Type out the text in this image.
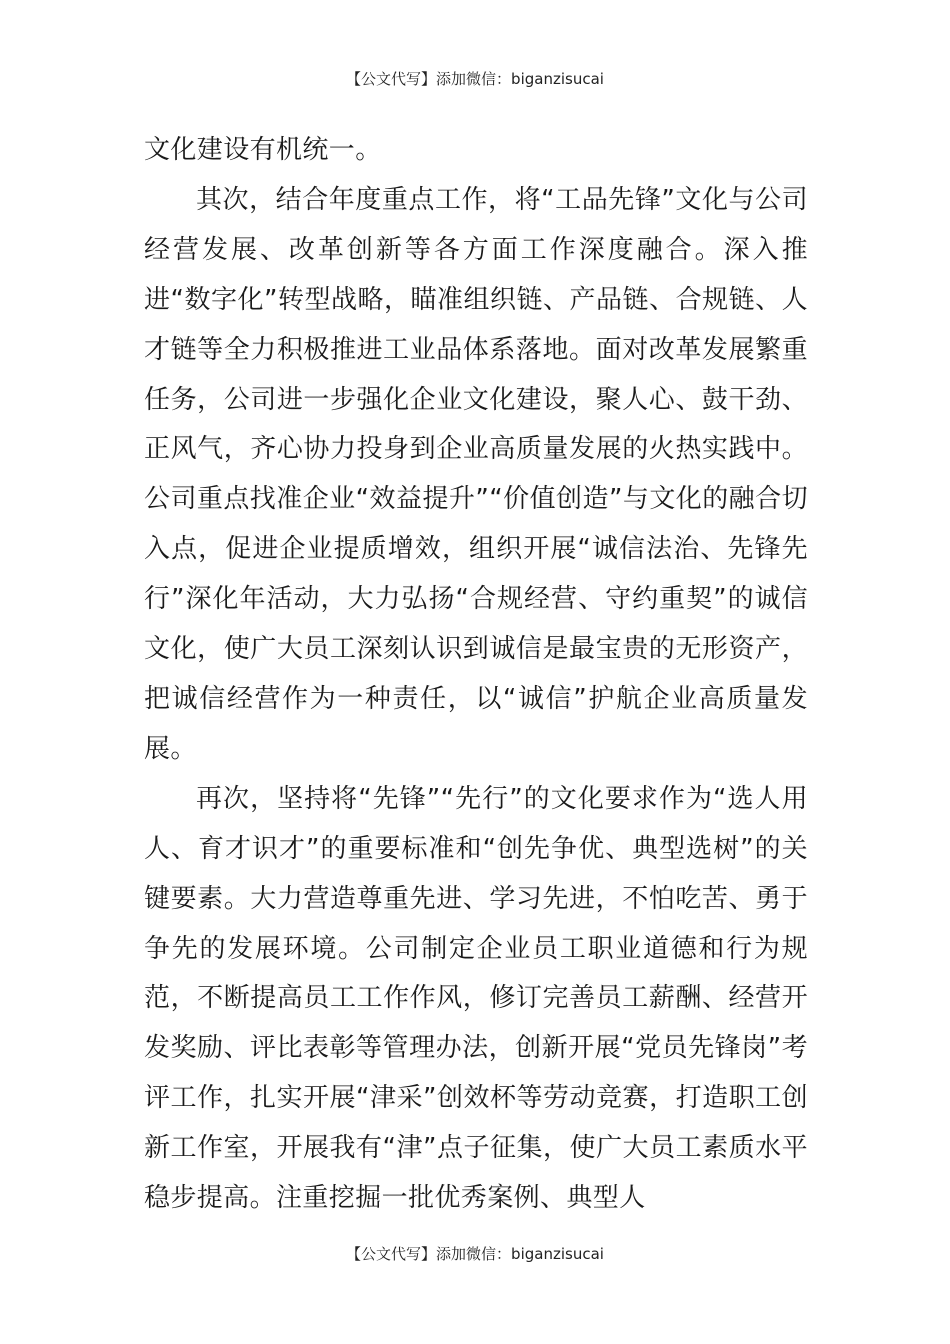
【公文代写】添加微信：biganzisucai

文化建设有机统一。

其次，结合年度重点工作，将“工品先锋”文化与公司经营发展、改革创新等各方面工作深度融合。深入推进“数字化”转型战略，瞄准组织链、产品链、合规链、人才链等全力积极推进工业品体系落地。面对改革发展繁重任务，公司进一步强化企业文化建设，聚人心、鼓干劲、正风气，齐心协力投身到企业高质量发展的火热实践中。公司重点找准企业“效益提升”“价值创造”与文化的融合切入点，促进企业提质增效，组织开展“诚信法治、先锋先行”深化年活动，大力弘扬“合规经营、守约重契”的诚信文化，使广大员工深刻认识到诚信是最宝贵的无形资产，把诚信经营作为一种责任，以“诚信”护航企业高质量发展。

再次，坚持将“先锋”“先行”的文化要求作为“选人用人、育才识才”的重要标准和“创先争优、典型选树”的关键要素。大力营造尊重先进、学习先进，不怕吃苦、勇于争先的发展环境。公司制定企业员工职业道德和行为规范，不断提高员工工作作风，修订完善员工薪酬、经营开发奖励、评比表彰等管理办法，创新开展“党员先锋岗”考评工作，扎实开展“津采”创效杯等劳动竞赛，打造职工创新工作室，开展我有“津”点子征集，使广大员工素质水平稳步提高。注重挖掘一批优秀案例、典型人

【公文代写】添加微信：biganzisucai
